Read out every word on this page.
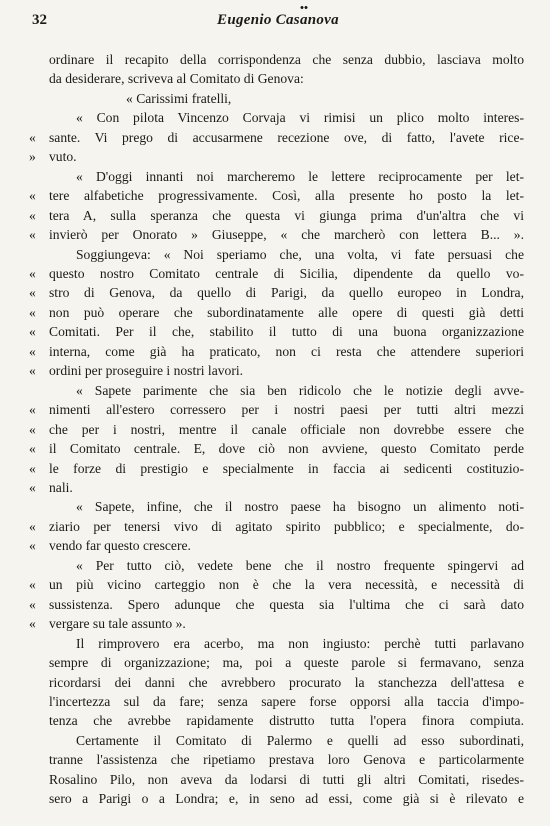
32	Eugenio Casanova
ordinare il recapito della corrispondenza che senza dubbio, lasciava molto
da desiderare, scriveva al Comitato di Genova:
« Carissimi fratelli,
« Con pilota Vincenzo Corvaja vi rimisi un plico molto interes-
« sante. Vi prego di accusarmene recezione ove, di fatto, l'avete rice-
» vuto.
« D'oggi innanti noi marcheremo le lettere reciprocamente per let-
« tere alfabetiche progressivamente. Così, alla presente ho posto la let-
« tera A, sulla speranza che questa vi giunga prima d'un'altra che vi
« invierò per Onorato » Giuseppe, « che marcherò con lettera B... ».
Soggiungeva: « Noi speriamo che, una volta, vi fate persuasi che
« questo nostro Comitato centrale di Sicilia, dipendente da quello vo-
« stro di Genova, da quello di Parigi, da quello europeo in Londra,
« non può operare che subordinatamente alle opere di questi già detti
« Comitati. Per il che, stabilito il tutto di una buona organizzazione
« interna, come già ha praticato, non ci resta che attendere superiori
« ordini per proseguire i nostri lavori.
« Sapete parimente che sia ben ridicolo che le notizie degli avve-
« nimenti all'estero corressero per i nostri paesi per tutti altri mezzi
« che per i nostri, mentre il canale officiale non dovrebbe essere che
« il Comitato centrale. E, dove ciò non avviene, questo Comitato perde
« le forze di prestigio e specialmente in faccia ai sedicenti costituzio-
« nali.
« Sapete, infine, che il nostro paese ha bisogno un alimento noti-
« ziario per tenersi vivo di agitato spirito pubblico; e specialmente, do-
« vendo far questo crescere.
« Per tutto ciò, vedete bene che il nostro frequente spingervi ad
« un più vicino carteggio non è che la vera necessità, e necessità di
« sussistenza. Spero adunque che questa sia l'ultima che ci sarà dato
« vergare su tale assunto ».
Il rimprovero era acerbo, ma non ingiusto: perchè tutti parlavano
sempre di organizzazione; ma, poi a queste parole si fermavano, senza
ricordarsi dei danni che avrebbero procurato la stanchezza dell'attesa e
l'incertezza sul da fare; senza sapere forse opporsi alla taccia d'impo-
tenza che avrebbe rapidamente distrutto tutta l'opera finora compiuta.
Certamente il Comitato di Palermo e quelli ad esso subordinati,
tranne l'assistenza che ripetiamo prestava loro Genova e particolarmente
Rosalino Pilo, non aveva da lodarsi di tutti gli altri Comitati, risedes-
sero a Parigi o a Londra; e, in seno ad essi, come già si è rilevato e
